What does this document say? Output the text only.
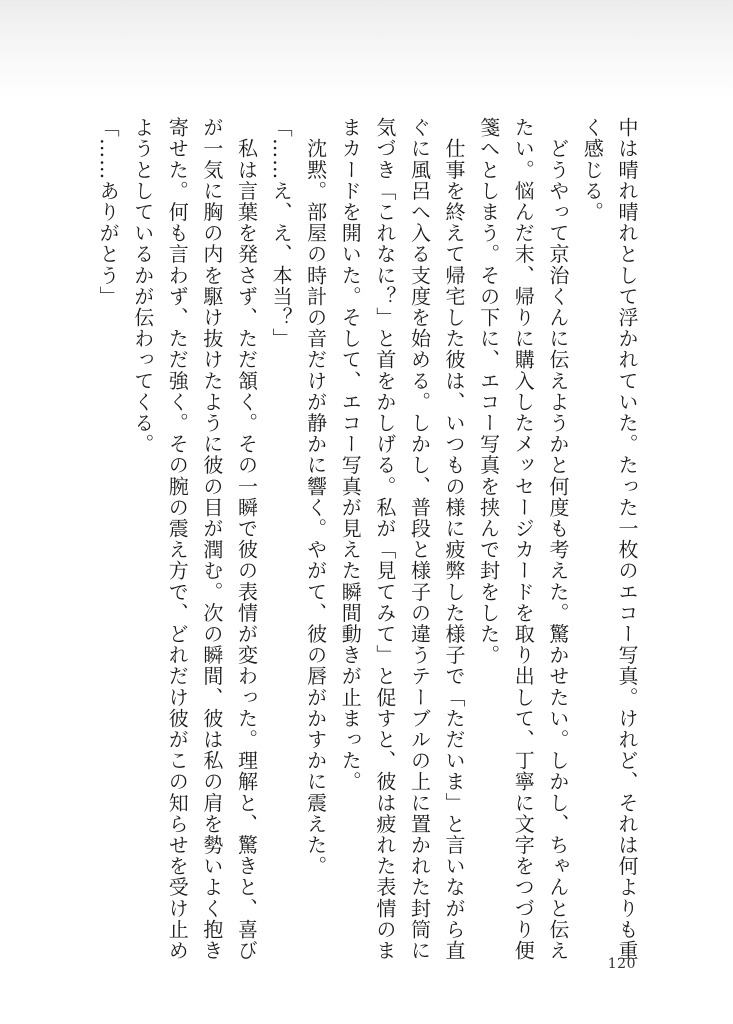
中は晴れ晴れとして浮かれていた。たった一枚のエコー写真。けれど、それは何よりも重
く感じる。
　どうやって京治くんに伝えようかと何度も考えた。驚かせたい。しかし、ちゃんと伝え
たい。悩んだ末、帰りに購入したメッセージカードを取り出して、丁寧に文字をつづり便
箋へとしまう。その下に、エコー写真を挟んで封をした。
　仕事を終えて帰宅した彼は、いつもの様に疲弊した様子で「ただいま」と言いながら直
ぐに風呂へ入る支度を始める。しかし、普段と様子の違うテーブルの上に置かれた封筒に
気づき「これなに？」と首をかしげる。私が「見てみて」と促すと、彼は疲れた表情のま
まカードを開いた。そして、エコー写真が見えた瞬間動きが止まった。
　沈黙。部屋の時計の音だけが静かに響く。やがて、彼の唇がかすかに震えた。
「……え、え、本当？」
　私は言葉を発さず、ただ頷く。その一瞬で彼の表情が変わった。理解と、驚きと、喜び
が一気に胸の内を駆け抜けたように彼の目が潤む。次の瞬間、彼は私の肩を勢いよく抱き
寄せた。何も言わず、ただ強く。その腕の震え方で、どれだけ彼がこの知らせを受け止め
ようとしているかが伝わってくる。
「……ありがとう」
120
